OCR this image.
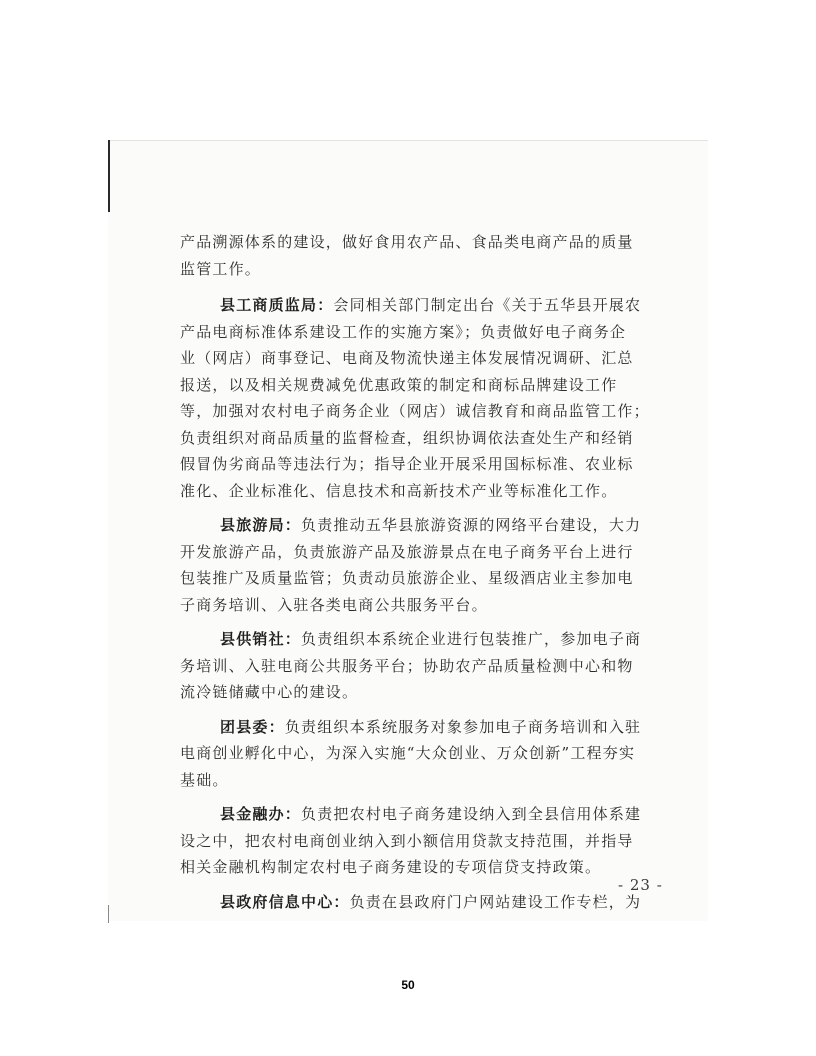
产品溯源体系的建设，做好食用农产品、食品类电商产品的质量
监管工作。

县工商质监局：会同相关部门制定出台《关于五华县开展农
产品电商标准体系建设工作的实施方案》；负责做好电子商务企
业（网店）商事登记、电商及物流快递主体发展情况调研、汇总
报送，以及相关规费减免优惠政策的制定和商标品牌建设工作
等，加强对农村电子商务企业（网店）诚信教育和商品监管工作；
负责组织对商品质量的监督检查，组织协调依法查处生产和经销
假冒伪劣商品等违法行为；指导企业开展采用国标标准、农业标
准化、企业标准化、信息技术和高新技术产业等标准化工作。

县旅游局：负责推动五华县旅游资源的网络平台建设，大力
开发旅游产品，负责旅游产品及旅游景点在电子商务平台上进行
包装推广及质量监管；负责动员旅游企业、星级酒店业主参加电
子商务培训、入驻各类电商公共服务平台。

县供销社：负责组织本系统企业进行包装推广，参加电子商
务培训、入驻电商公共服务平台；协助农产品质量检测中心和物
流冷链储藏中心的建设。

团县委：负责组织本系统服务对象参加电子商务培训和入驻
电商创业孵化中心，为深入实施“大众创业、万众创新”工程夯实
基础。

县金融办：负责把农村电子商务建设纳入到全县信用体系建
设之中，把农村电商创业纳入到小额信用贷款支持范围，并指导
相关金融机构制定农村电子商务建设的专项信贷支持政策。

县政府信息中心：负责在县政府门户网站建设工作专栏，为

- 23 -
50
